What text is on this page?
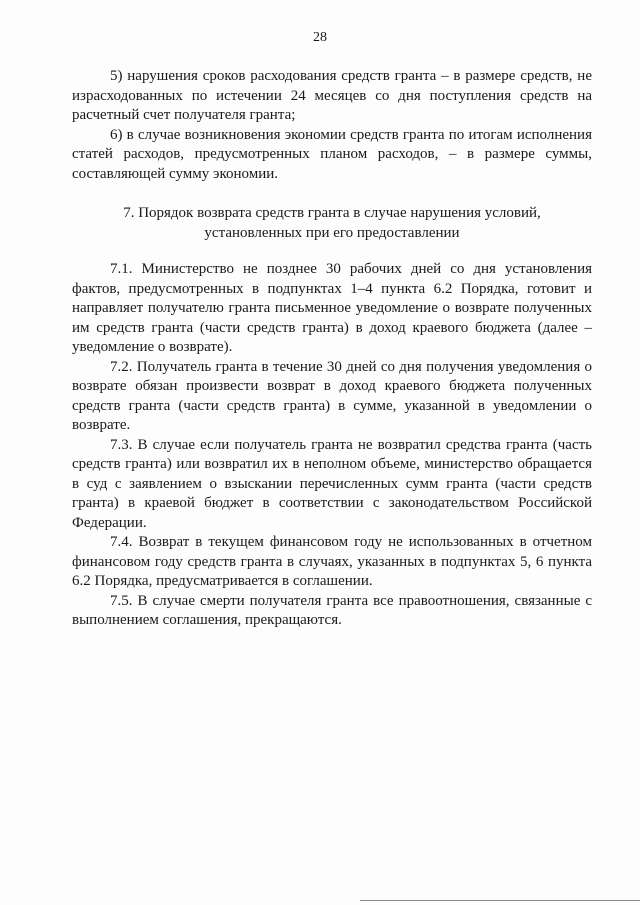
28

5) нарушения сроков расходования средств гранта – в размере средств, не израсходованных по истечении 24 месяцев со дня поступления средств на расчетный счет получателя гранта;

6) в случае возникновения экономии средств гранта по итогам исполнения статей расходов, предусмотренных планом расходов, – в размере суммы, составляющей сумму экономии.

7. Порядок возврата средств гранта в случае нарушения условий,
установленных при его предоставлении

7.1. Министерство не позднее 30 рабочих дней со дня установления фактов, предусмотренных в подпунктах 1–4 пункта 6.2 Порядка, готовит и направляет получателю гранта письменное уведомление о возврате полученных им средств гранта (части средств гранта) в доход краевого бюджета (далее – уведомление о возврате).

7.2. Получатель гранта в течение 30 дней со дня получения уведомления о возврате обязан произвести возврат в доход краевого бюджета полученных средств гранта (части средств гранта) в сумме, указанной в уведомлении о возврате.

7.3. В случае если получатель гранта не возвратил средства гранта (часть средств гранта) или возвратил их в неполном объеме, министерство обращается в суд с заявлением о взыскании перечисленных сумм гранта (части средств гранта) в краевой бюджет в соответствии с законодательством Российской Федерации.

7.4. Возврат в текущем финансовом году не использованных в отчетном финансовом году средств гранта в случаях, указанных в подпунктах 5, 6 пункта 6.2 Порядка, предусматривается в соглашении.

7.5. В случае смерти получателя гранта все правоотношения, связанные с выполнением соглашения, прекращаются.
